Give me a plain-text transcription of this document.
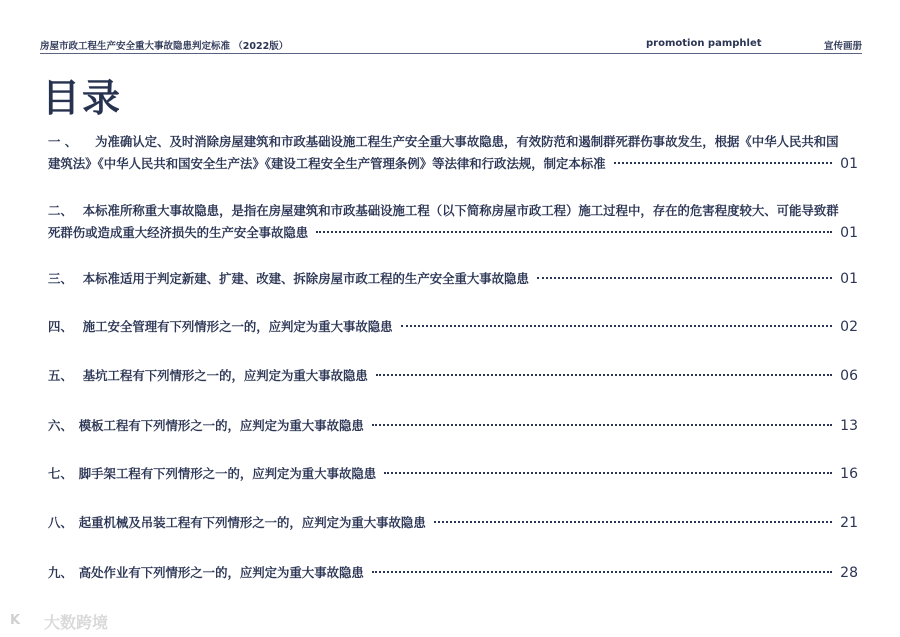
房屋市政工程生产安全重大事故隐患判定标准 （2022版）	promotion pamphlet	宣传画册
目录
一 、 为准确认定、及时消除房屋建筑和市政基础设施工程生产安全重大事故隐患，有效防范和遏制群死群伤事故发生，根据《中华人民共和国
建筑法》《中华人民共和国安全生产法》《建设工程安全生产管理条例》等法律和行政法规，制定本标准	01
二、 本标准所称重大事故隐患，是指在房屋建筑和市政基础设施工程（以下简称房屋市政工程）施工过程中，存在的危害程度较大、可能导致群
死群伤或造成重大经济损失的生产安全事故隐患	01
三、 本标准适用于判定新建、扩建、改建、拆除房屋市政工程的生产安全重大事故隐患	01
四、 施工安全管理有下列情形之一的，应判定为重大事故隐患	02
五、 基坑工程有下列情形之一的，应判定为重大事故隐患	06
六、 模板工程有下列情形之一的，应判定为重大事故隐患	13
七、 脚手架工程有下列情形之一的，应判定为重大事故隐患	16
八、 起重机械及吊装工程有下列情形之一的，应判定为重大事故隐患	21
九、 高处作业有下列情形之一的，应判定为重大事故隐患	28
K	大数跨境
